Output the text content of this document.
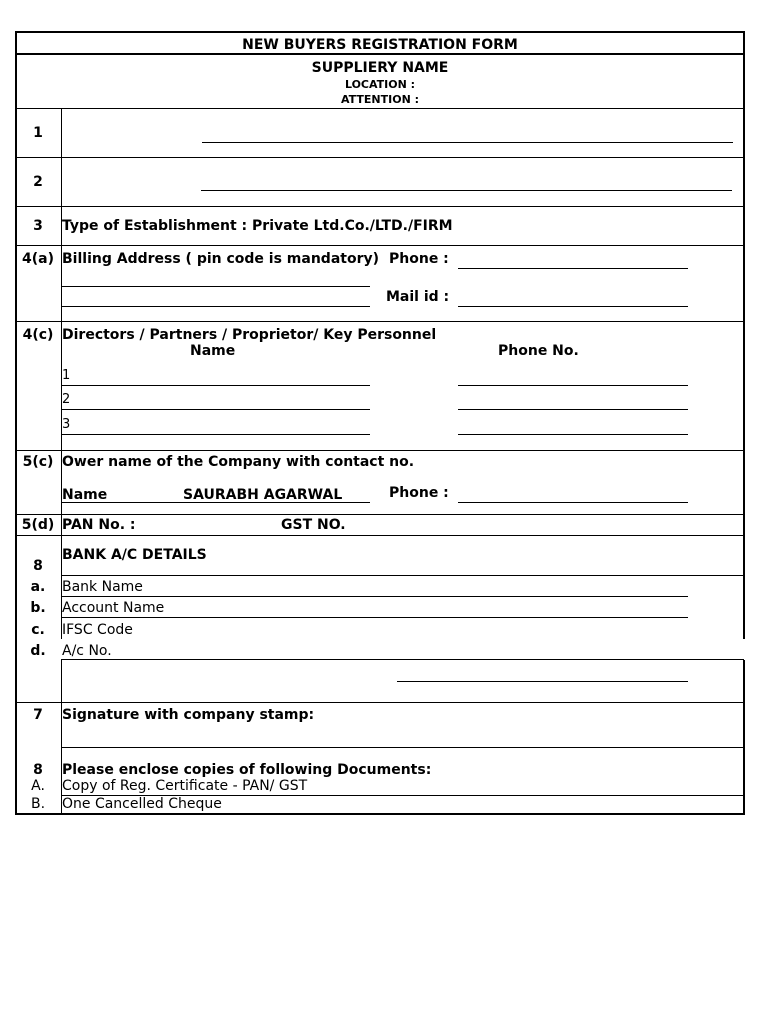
NEW BUYERS REGISTRATION FORM
SUPPLIERY NAME
LOCATION :
ATTENTION :
1
2
3	Type of Establishment : Private Ltd.Co./LTD./FIRM
4(a) Billing Address ( pin code is mandatory) Phone :
Mail id :
4(c) Directors / Partners / Proprietor/ Key Personnel
Name	Phone No.
1
2
3
5(c) Ower name of the Company with contact no.
Name	SAURABH AGARWAL	Phone :
5(d) PAN No. :	GST NO.
BANK A/C DETAILS
8
a.	Bank Name
b.	Account Name
c.	IFSC Code
d.	A/c No.
7	Signature with company stamp:
8	Please enclose copies of following Documents:
A.	Copy of Reg. Certificate - PAN/ GST
B.	One Cancelled Cheque
